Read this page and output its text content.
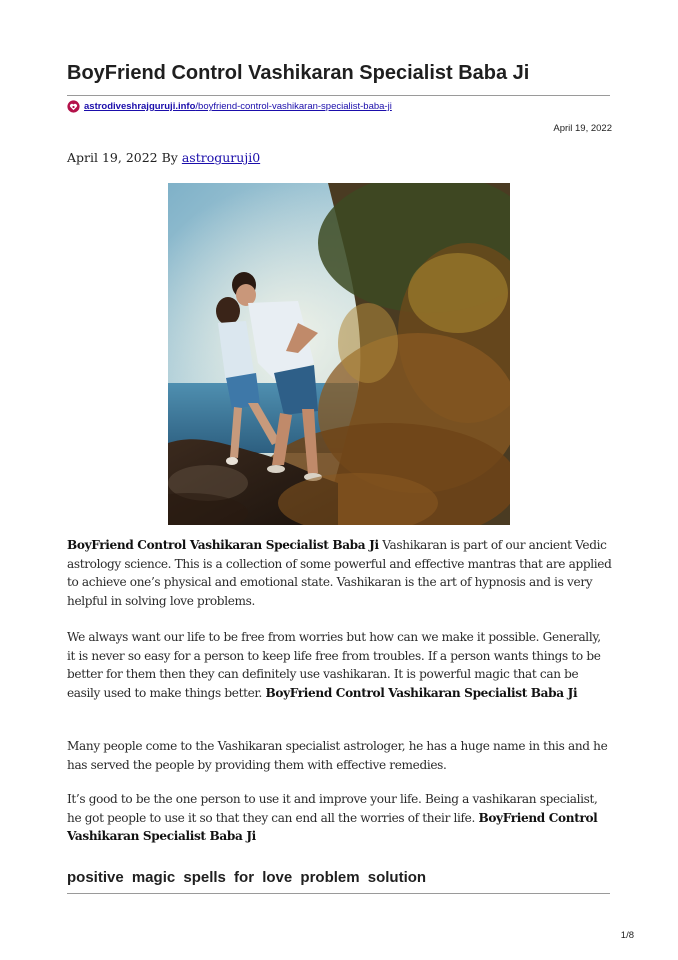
BoyFriend Control Vashikaran Specialist Baba Ji
astrodiveshrajguruji.info/boyfriend-control-vashikaran-specialist-baba-ji
April 19, 2022
April 19, 2022 By astroguruji0

BoyFriend Control Vashikaran Specialist Baba Ji Vashikaran is part of our ancient Vedic astrology science. This is a collection of some powerful and effective mantras that are applied to achieve one’s physical and emotional state. Vashikaran is the art of hypnosis and is very helpful in solving love problems.

We always want our life to be free from worries but how can we make it possible. Generally, it is never so easy for a person to keep life free from troubles. If a person wants things to be better for them then they can definitely use vashikaran. It is powerful magic that can be easily used to make things better. BoyFriend Control Vashikaran Specialist Baba Ji

Many people come to the Vashikaran specialist astrologer, he has a huge name in this and he has served the people by providing them with effective remedies.

It’s good to be the one person to use it and improve your life. Being a vashikaran specialist, he got people to use it so that they can end all the worries of their life. BoyFriend Control Vashikaran Specialist Baba Ji

positive magic spells for love problem solution
1/8
